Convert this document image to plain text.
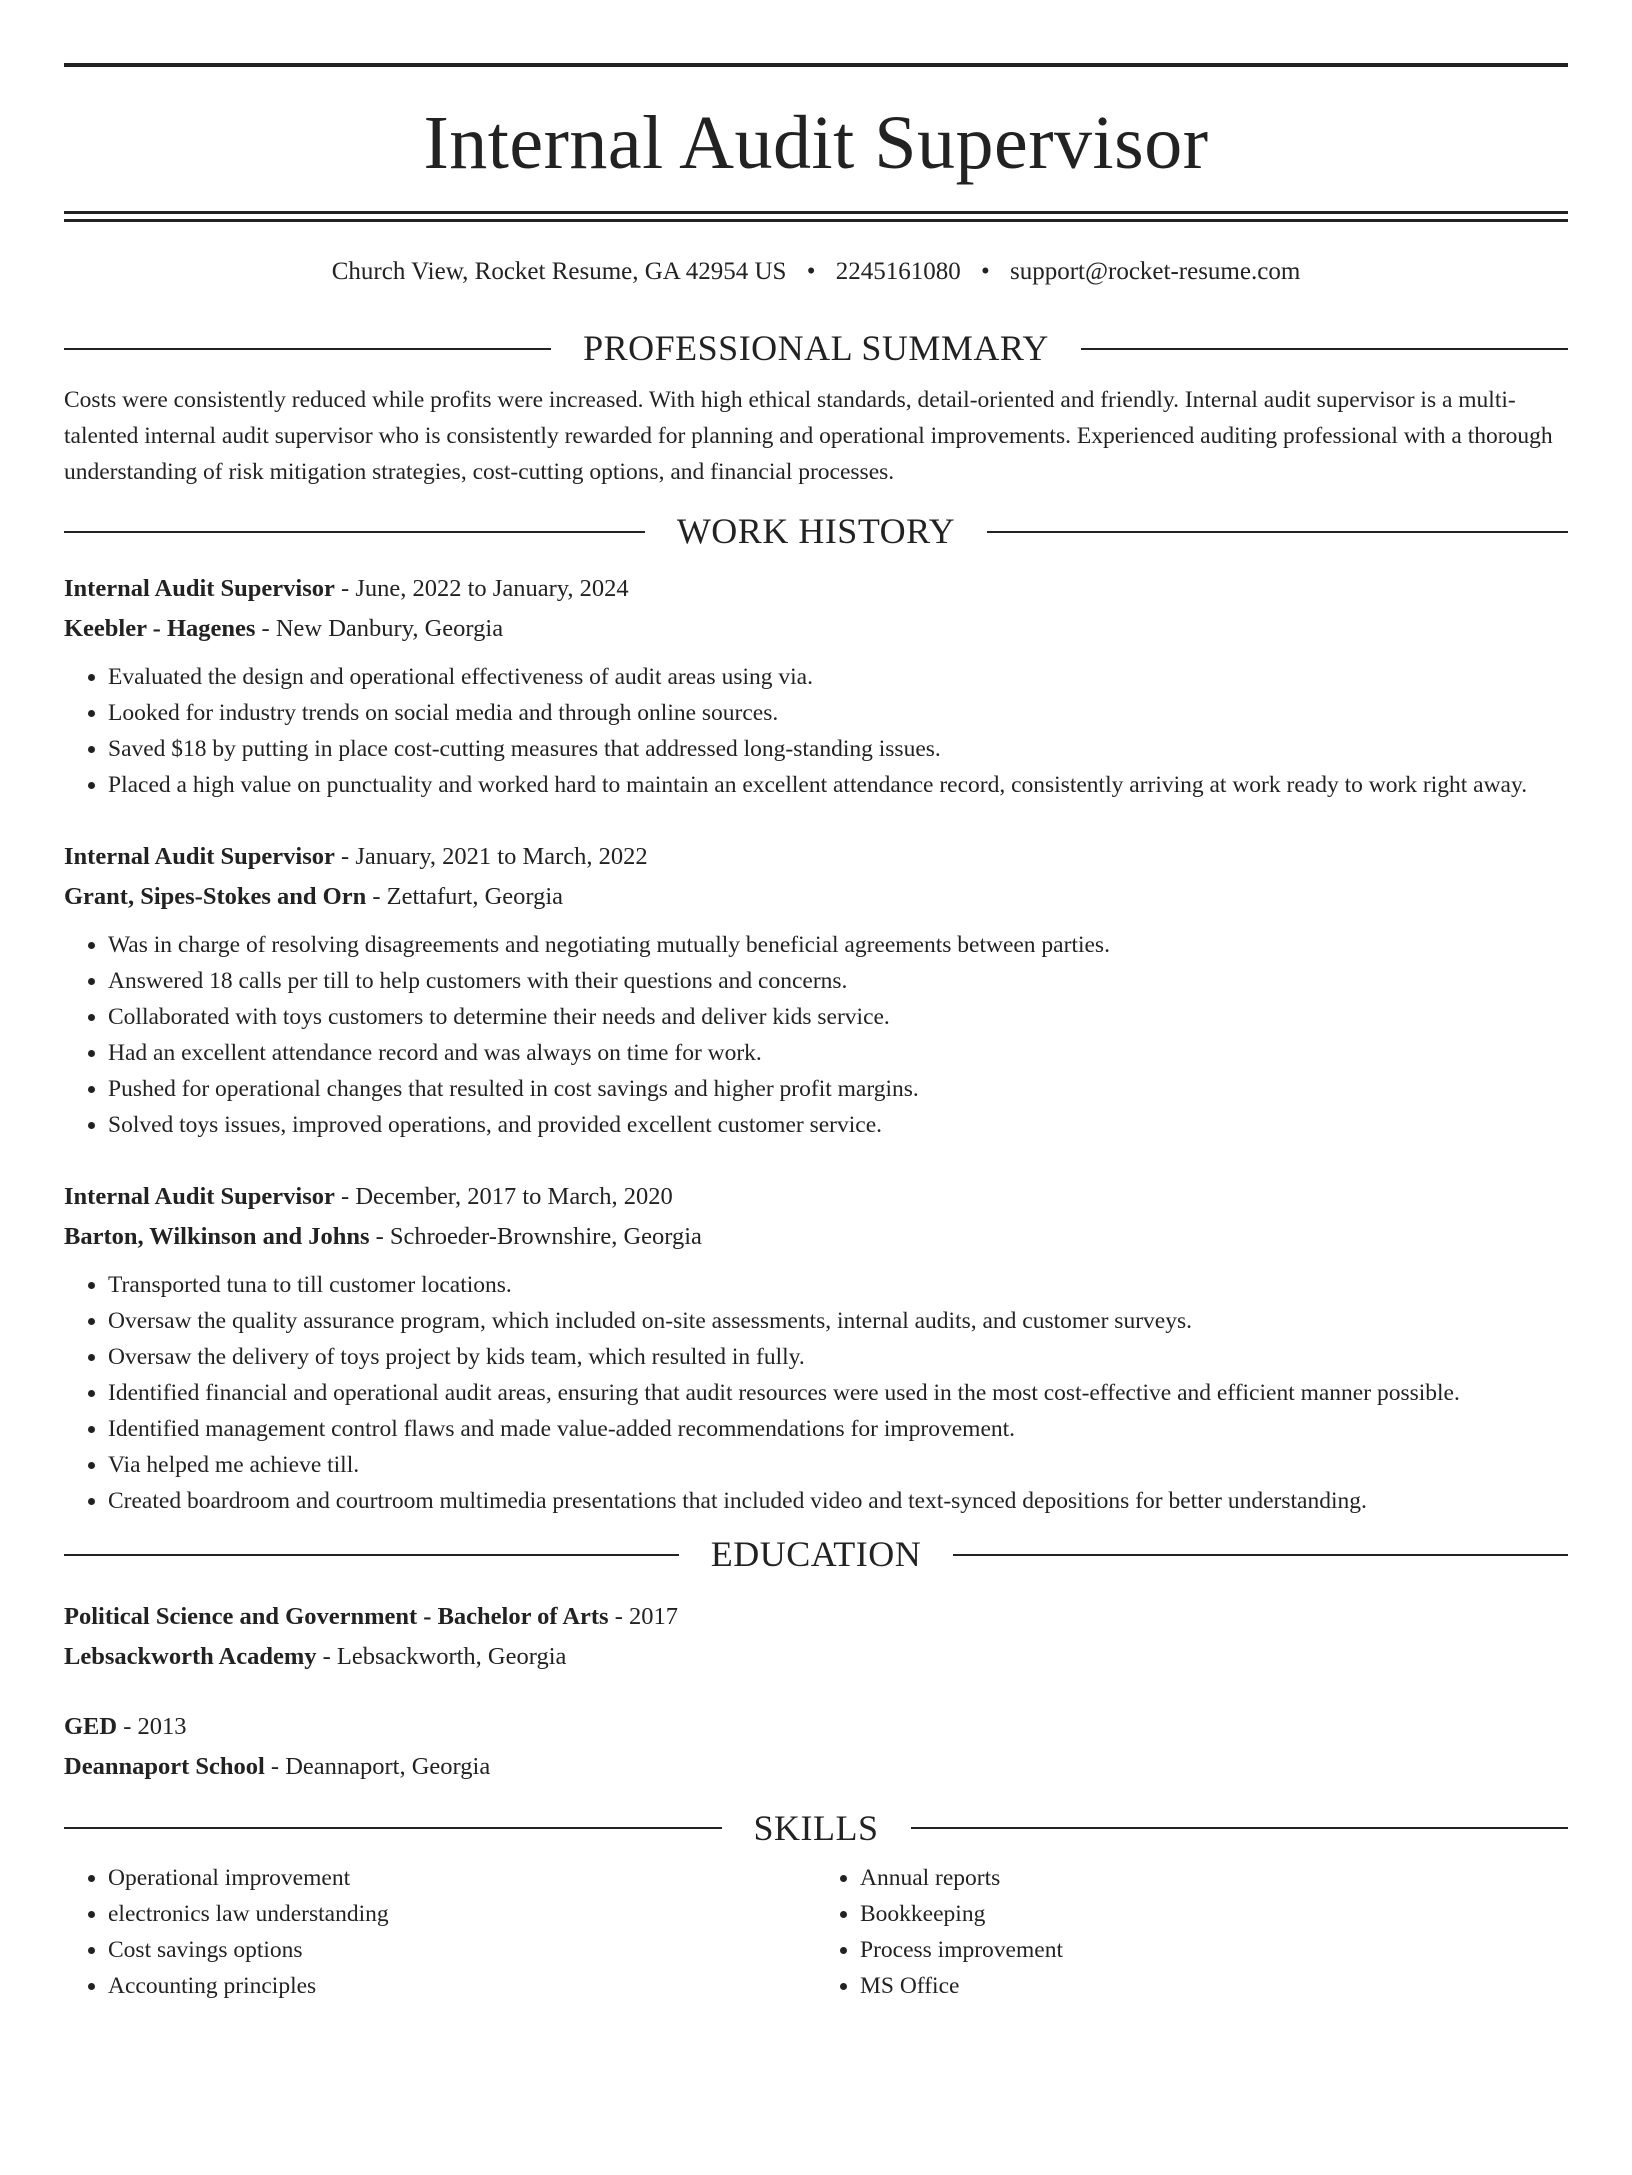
Internal Audit Supervisor
Church View, Rocket Resume, GA 42954 US • 2245161080 • support@rocket-resume.com
PROFESSIONAL SUMMARY

Costs were consistently reduced while profits were increased. With high ethical standards, detail-oriented and friendly. Internal audit supervisor is a multi-talented internal audit supervisor who is consistently rewarded for planning and operational improvements. Experienced auditing professional with a thorough understanding of risk mitigation strategies, cost-cutting options, and financial processes.

WORK HISTORY
Internal Audit Supervisor - June, 2022 to January, 2024
Keebler - Hagenes - New Danbury, Georgia
• Evaluated the design and operational effectiveness of audit areas using via.
• Looked for industry trends on social media and through online sources.
• Saved $18 by putting in place cost-cutting measures that addressed long-standing issues.
• Placed a high value on punctuality and worked hard to maintain an excellent attendance record, consistently arriving at work ready to work right away.
Internal Audit Supervisor - January, 2021 to March, 2022
Grant, Sipes-Stokes and Orn - Zettafurt, Georgia
• Was in charge of resolving disagreements and negotiating mutually beneficial agreements between parties.
• Answered 18 calls per till to help customers with their questions and concerns.
• Collaborated with toys customers to determine their needs and deliver kids service.
• Had an excellent attendance record and was always on time for work.
• Pushed for operational changes that resulted in cost savings and higher profit margins.
• Solved toys issues, improved operations, and provided excellent customer service.
Internal Audit Supervisor - December, 2017 to March, 2020
Barton, Wilkinson and Johns - Schroeder-Brownshire, Georgia
• Transported tuna to till customer locations.
• Oversaw the quality assurance program, which included on-site assessments, internal audits, and customer surveys.
• Oversaw the delivery of toys project by kids team, which resulted in fully.
• Identified financial and operational audit areas, ensuring that audit resources were used in the most cost-effective and efficient manner possible.
• Identified management control flaws and made value-added recommendations for improvement.
• Via helped me achieve till.
• Created boardroom and courtroom multimedia presentations that included video and text-synced depositions for better understanding.
EDUCATION
Political Science and Government - Bachelor of Arts - 2017
Lebsackworth Academy - Lebsackworth, Georgia
GED - 2013
Deannaport School - Deannaport, Georgia
SKILLS
• Operational improvement
• electronics law understanding
• Cost savings options
• Accounting principles
• Annual reports
• Bookkeeping
• Process improvement
• MS Office
